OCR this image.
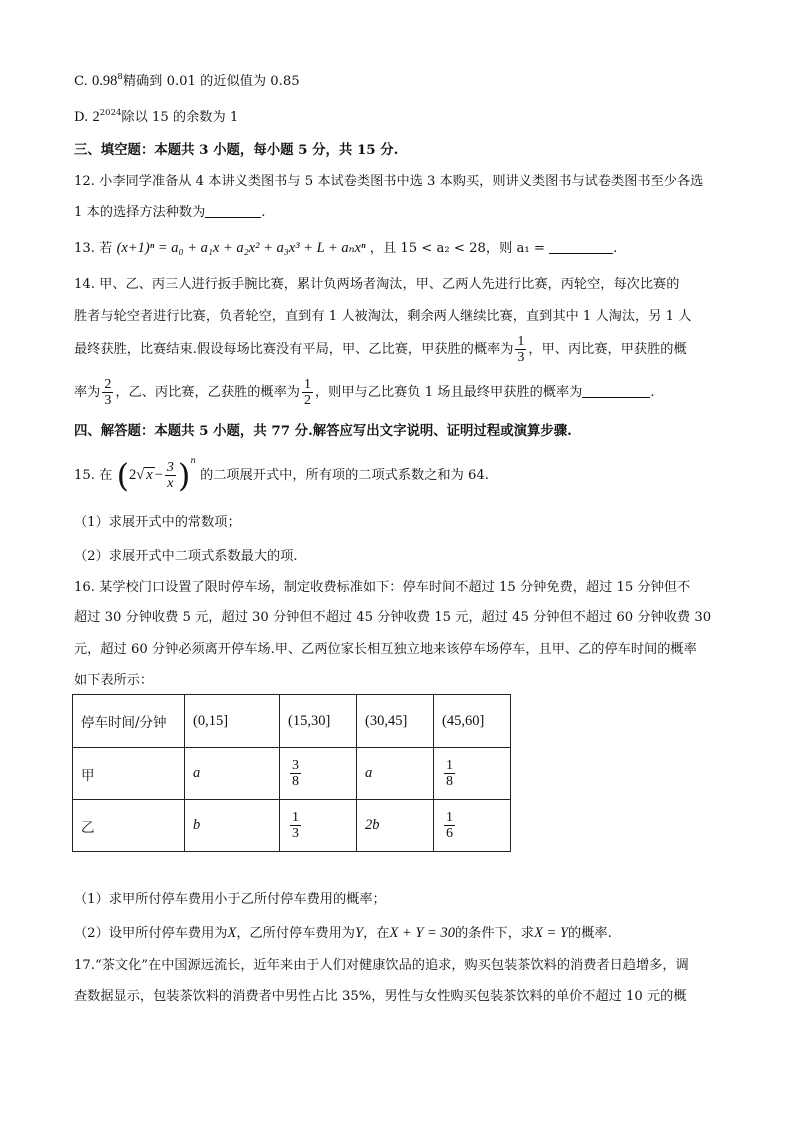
C. 0.98$^8$精确到 0.01 的近似值为 0.85
D. $2^{2024}$除以 15 的余数为 1
三、填空题：本题共 3 小题，每小题 5 分，共 15 分.
12. 小李同学准备从 4 本讲义类图书与 5 本试卷类图书中选 3 本购买，则讲义类图书与试卷类图书至少各选
1 本的选择方法种数为	.
13. 若 (x+1)ⁿ = a₀ + a₁x + a₂x² + a₃x³ + L + aₙxⁿ ，且 15 < a₂ < 28，则 a₁ =	.
14. 甲、乙、丙三人进行扳手腕比赛，累计负两场者淘汰，甲、乙两人先进行比赛，丙轮空，每次比赛的
胜者与轮空者进行比赛，负者轮空，直到有 1 人被淘汰，剩余两人继续比赛，直到其中 1 人淘汰，另 1 人
最终获胜，比赛结束.假设每场比赛没有平局，甲、乙比赛，甲获胜的概率为 $\frac{1}{3}$ ，甲、丙比赛，甲获胜的概
率为 $\frac{2}{3}$ ，乙、丙比赛，乙获胜的概率为 $\frac{1}{2}$ ，则甲与乙比赛负 1 场且最终甲获胜的概率为	.
四、解答题：本题共 5 小题，共 77 分.解答应写出文字说明、证明过程或演算步骤.
15. 在 (2√ $x - \frac{3}{x} )^n$ 的二项展开式中，所有项的二项式系数之和为 64.
（1）求展开式中的常数项；
（2）求展开式中二项式系数最大的项.
16. 某学校门口设置了限时停车场，制定收费标准如下：停车时间不超过 15 分钟免费，超过 15 分钟但不
超过 30 分钟收费 5 元，超过 30 分钟但不超过 45 分钟收费 15 元，超过 45 分钟但不超过 60 分钟收费 30
元，超过 60 分钟必须离开停车场.甲、乙两位家长相互独立地来该停车场停车，且甲、乙的停车时间的概率
如下表所示：
停车时间/分钟	(0,15]	(15,30]	(30,45]	(45,60]
甲	a	$\frac{3}{8}$	a	$\frac{1}{8}$

乙	b	$\frac{1}{3}$	2b	$\frac{1}{6}$
（1）求甲所付停车费用小于乙所付停车费用的概率；
（2）设甲所付停车费用为X，乙所付停车费用为Y，在X + Y = 30的条件下，求X = Y的概率.
17.“茶文化”在中国源远流长，近年来由于人们对健康饮品的追求，购买包装茶饮料的消费者日趋增多，调
查数据显示，包装茶饮料的消费者中男性占比 35%，男性与女性购买包装茶饮料的单价不超过 10 元的概
